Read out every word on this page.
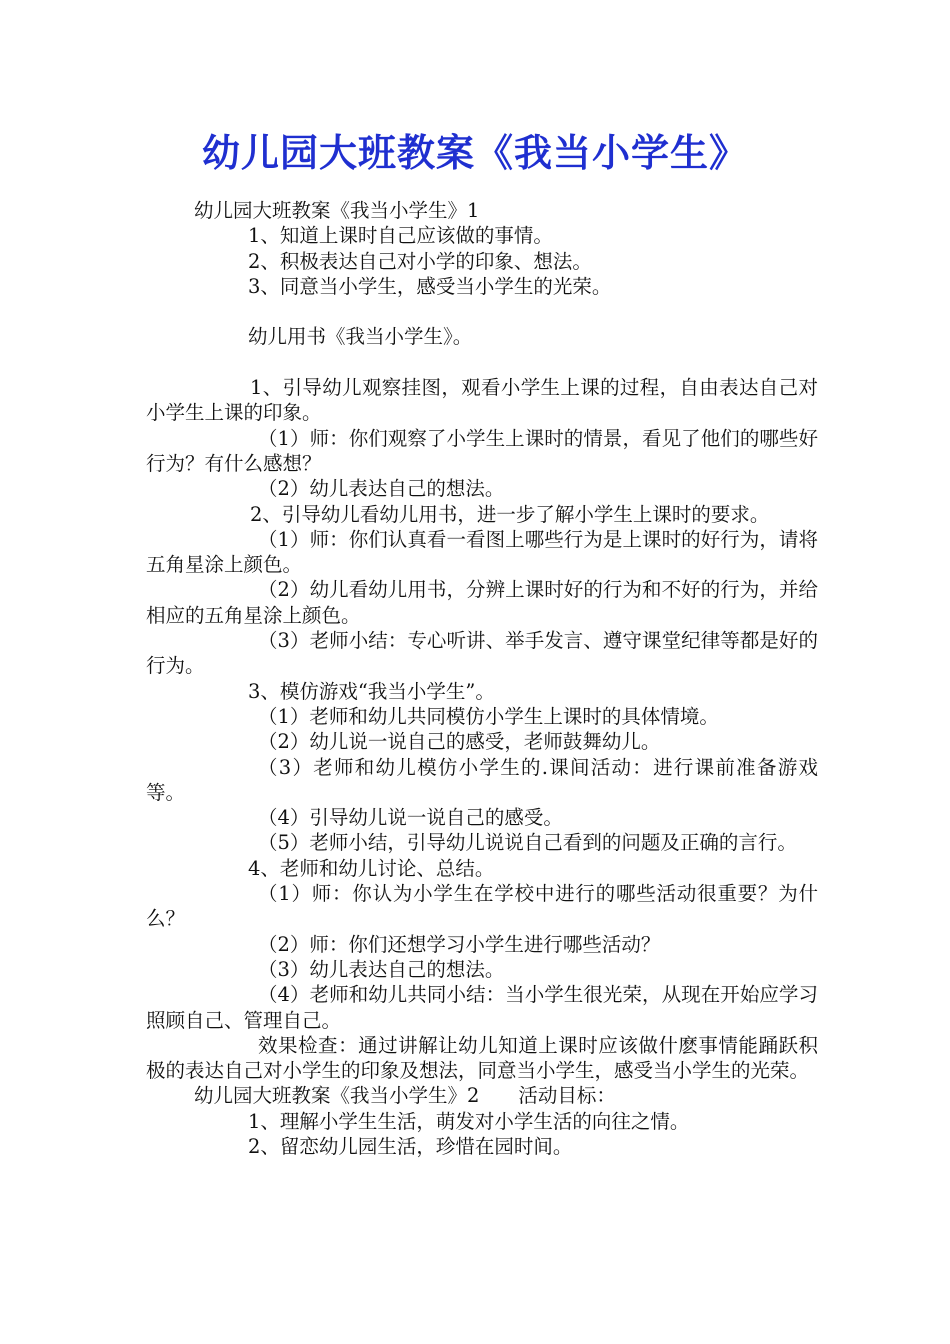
幼儿园大班教案《我当小学生》

幼儿园大班教案《我当小学生》1

1、知道上课时自己应该做的事情。

2、积极表达自己对小学的印象、想法。

3、同意当小学生，感受当小学生的光荣。

幼儿用书《我当小学生》。

1、引导幼儿观察挂图，观看小学生上课的过程，自由表达自己对小学生上课的印象。

（1）师：你们观察了小学生上课时的情景，看见了他们的哪些好行为？有什么感想？

（2）幼儿表达自己的想法。

2、引导幼儿看幼儿用书，进一步了解小学生上课时的要求。

（1）师：你们认真看一看图上哪些行为是上课时的好行为，请将五角星涂上颜色。

（2）幼儿看幼儿用书，分辨上课时好的行为和不好的行为，并给相应的五角星涂上颜色。

（3）老师小结：专心听讲、举手发言、遵守课堂纪律等都是好的行为。

3、模仿游戏“我当小学生”。

（1）老师和幼儿共同模仿小学生上课时的具体情境。

（2）幼儿说一说自己的感受，老师鼓舞幼儿。

（3）老师和幼儿模仿小学生的.课间活动：进行课前准备游戏等。

（4）引导幼儿说一说自己的感受。

（5）老师小结，引导幼儿说说自己看到的问题及正确的言行。

4、老师和幼儿讨论、总结。

（1）师：你认为小学生在学校中进行的哪些活动很重要？为什么？

（2）师：你们还想学习小学生进行哪些活动？

（3）幼儿表达自己的想法。

（4）老师和幼儿共同小结：当小学生很光荣，从现在开始应学习照顾自己、管理自己。

效果检查：通过讲解让幼儿知道上课时应该做什麽事情能踊跃积极的表达自己对小学生的印象及想法，同意当小学生，感受当小学生的光荣。

幼儿园大班教案《我当小学生》2　　活动目标：

1、理解小学生生活，萌发对小学生活的向往之情。

2、留恋幼儿园生活，珍惜在园时间。
